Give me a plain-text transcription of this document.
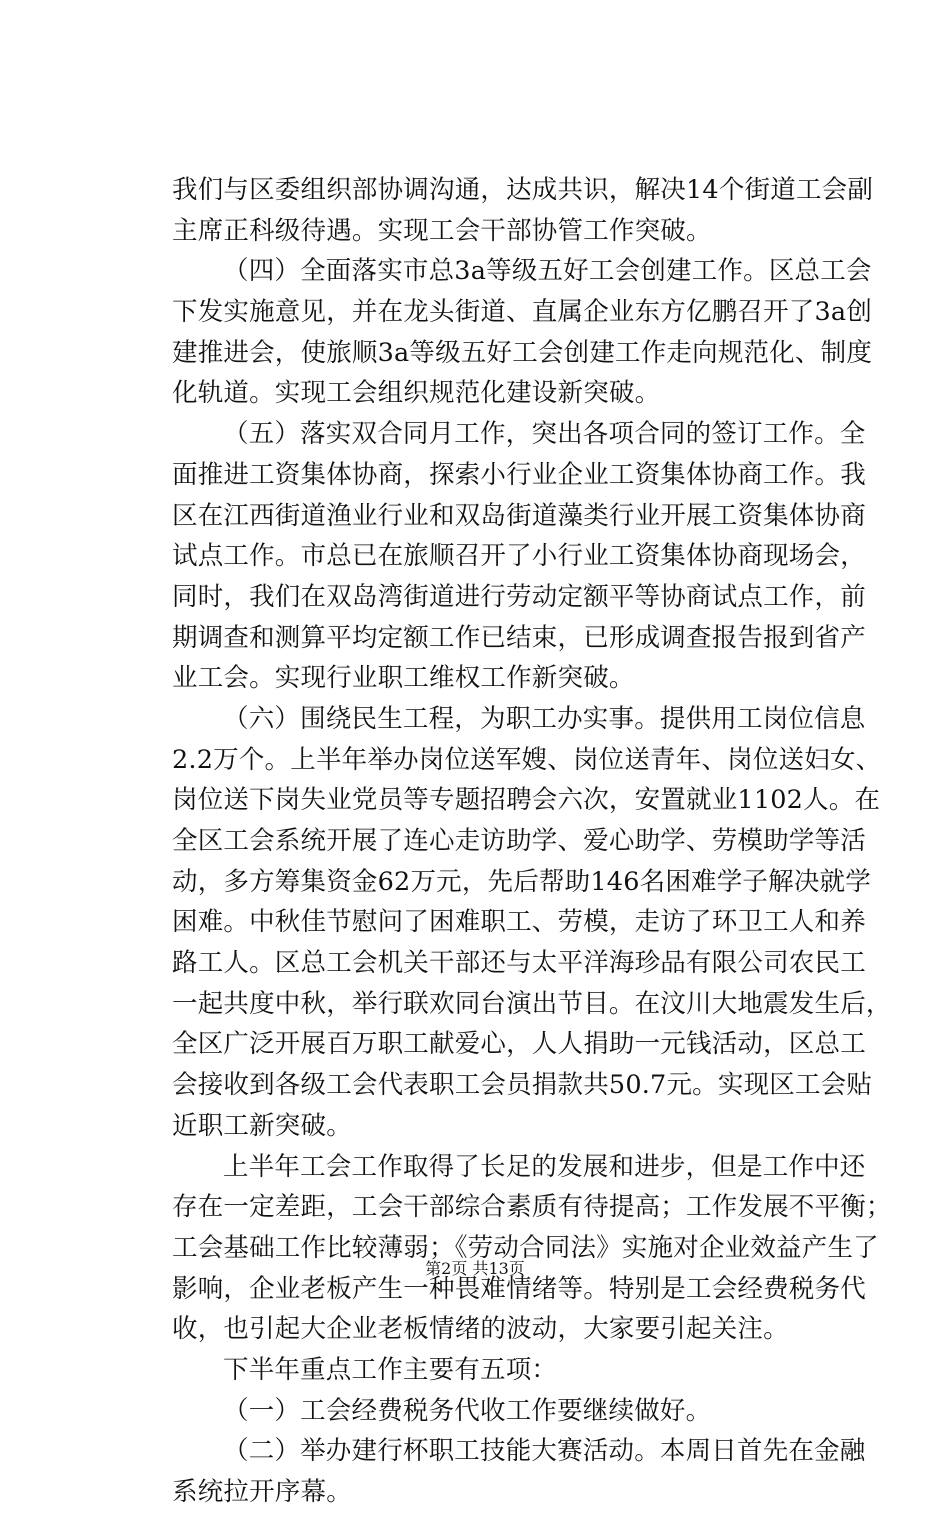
我们与区委组织部协调沟通，达成共识，解决14个街道工会副
主席正科级待遇。实现工会干部协管工作突破。
（四）全面落实市总3a等级五好工会创建工作。区总工会
下发实施意见，并在龙头街道、直属企业东方亿鹏召开了3a创
建推进会，使旅顺3a等级五好工会创建工作走向规范化、制度
化轨道。实现工会组织规范化建设新突破。
（五）落实双合同月工作，突出各项合同的签订工作。全
面推进工资集体协商，探索小行业企业工资集体协商工作。我
区在江西街道渔业行业和双岛街道藻类行业开展工资集体协商
试点工作。市总已在旅顺召开了小行业工资集体协商现场会，
同时，我们在双岛湾街道进行劳动定额平等协商试点工作，前
期调查和测算平均定额工作已结束，已形成调查报告报到省产
业工会。实现行业职工维权工作新突破。
（六）围绕民生工程，为职工办实事。提供用工岗位信息
2.2万个。上半年举办岗位送军嫂、岗位送青年、岗位送妇女、
岗位送下岗失业党员等专题招聘会六次，安置就业1102人。在
全区工会系统开展了连心走访助学、爱心助学、劳模助学等活
动，多方筹集资金62万元，先后帮助146名困难学子解决就学
困难。中秋佳节慰问了困难职工、劳模，走访了环卫工人和养
路工人。区总工会机关干部还与太平洋海珍品有限公司农民工
一起共度中秋，举行联欢同台演出节目。在汶川大地震发生后，
全区广泛开展百万职工献爱心，人人捐助一元钱活动，区总工
会接收到各级工会代表职工会员捐款共50.7元。实现区工会贴
近职工新突破。
上半年工会工作取得了长足的发展和进步，但是工作中还
存在一定差距，工会干部综合素质有待提高；工作发展不平衡；
工会基础工作比较薄弱；《劳动合同法》实施对企业效益产生了
影响，企业老板产生一种畏难情绪等。特别是工会经费税务代
收，也引起大企业老板情绪的波动，大家要引起关注。
下半年重点工作主要有五项：
（一）工会经费税务代收工作要继续做好。
（二）举办建行杯职工技能大赛活动。本周日首先在金融
系统拉开序幕。
第2页 共13页
